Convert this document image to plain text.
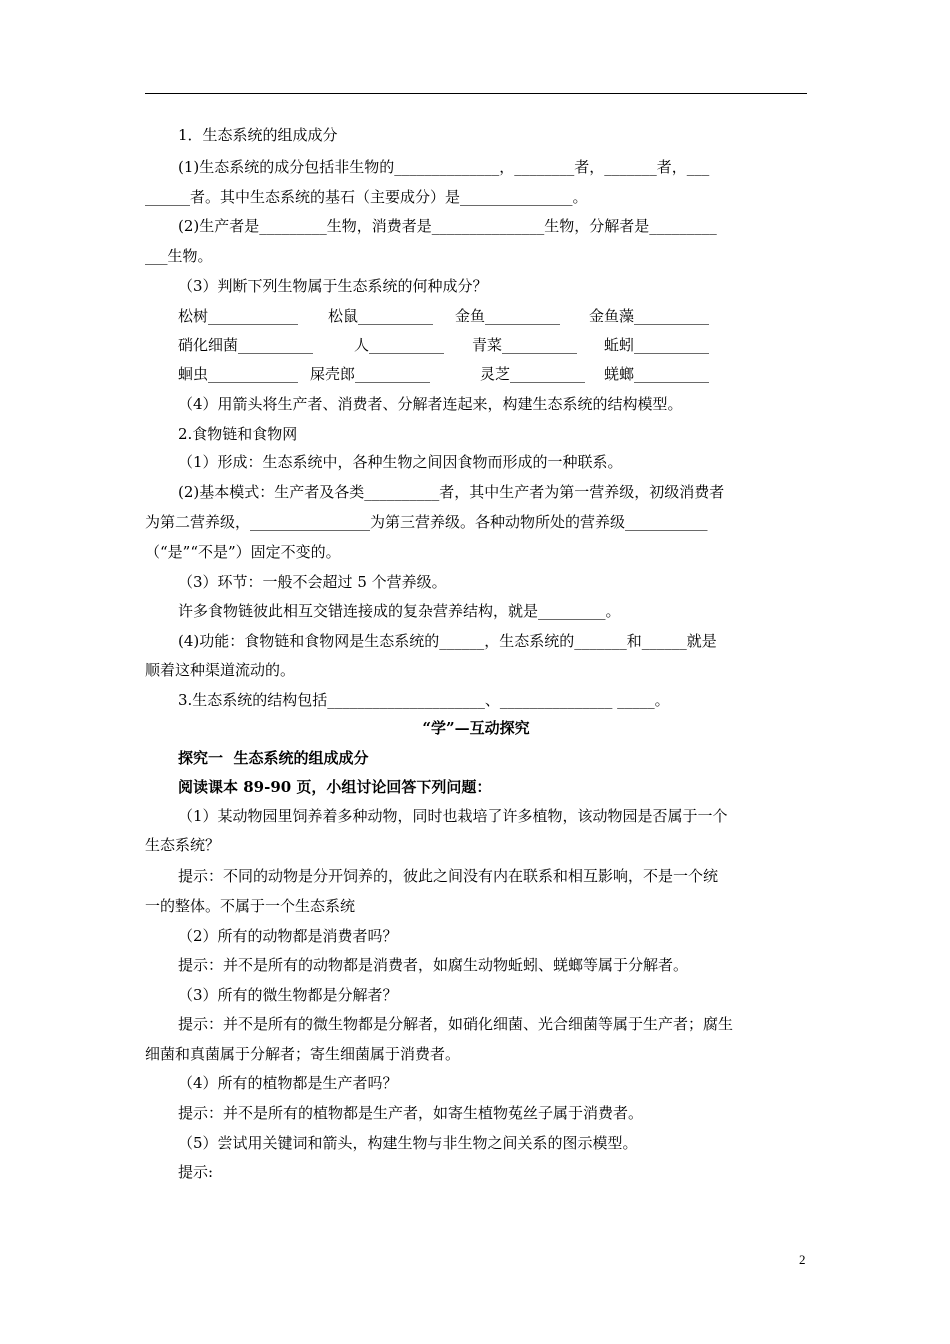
1．生态系统的组成成分
(1)生态系统的成分包括非生物的______________，________者，_______者，___
______者。其中生态系统的基石（主要成分）是_______________。
(2)生产者是_________生物，消费者是_______________生物，分解者是_________
___生物。
（3）判断下列生物属于生态系统的何种成分？
松树____________ 松鼠__________ 金鱼__________ 金鱼藻__________
硝化细菌__________	人__________ 青菜__________ 蚯蚓__________
蛔虫____________ 屎壳郎__________	灵芝__________ 蜣螂__________
（4）用箭头将生产者、消费者、分解者连起来，构建生态系统的结构模型。
2.食物链和食物网
（1）形成：生态系统中，各种生物之间因食物而形成的一种联系。
(2)基本模式：生产者及各类__________者，其中生产者为第一营养级，初级消费者
为第二营养级，________________为第三营养级。各种动物所处的营养级___________
（“是”“不是”）固定不变的。
（3）环节：一般不会超过 5 个营养级。
许多食物链彼此相互交错连接成的复杂营养结构，就是_________。
(4)功能：食物链和食物网是生态系统的______，生态系统的_______和______就是
顺着这种渠道流动的。
3.生态系统的结构包括_____________________、_______________ _____。
“学”—互动探究
探究一  生态系统的组成成分
阅读课本 89-90 页，小组讨论回答下列问题：
（1）某动物园里饲养着多种动物，同时也栽培了许多植物，该动物园是否属于一个
生态系统？
提示：不同的动物是分开饲养的，彼此之间没有内在联系和相互影响，不是一个统
一的整体。不属于一个生态系统
（2）所有的动物都是消费者吗？
提示：并不是所有的动物都是消费者，如腐生动物蚯蚓、蜣螂等属于分解者。
（3）所有的微生物都是分解者？
提示：并不是所有的微生物都是分解者，如硝化细菌、光合细菌等属于生产者；腐生
细菌和真菌属于分解者；寄生细菌属于消费者。
（4）所有的植物都是生产者吗？
提示：并不是所有的植物都是生产者，如寄生植物菟丝子属于消费者。
（5）尝试用关键词和箭头，构建生物与非生物之间关系的图示模型。
提示:
2
